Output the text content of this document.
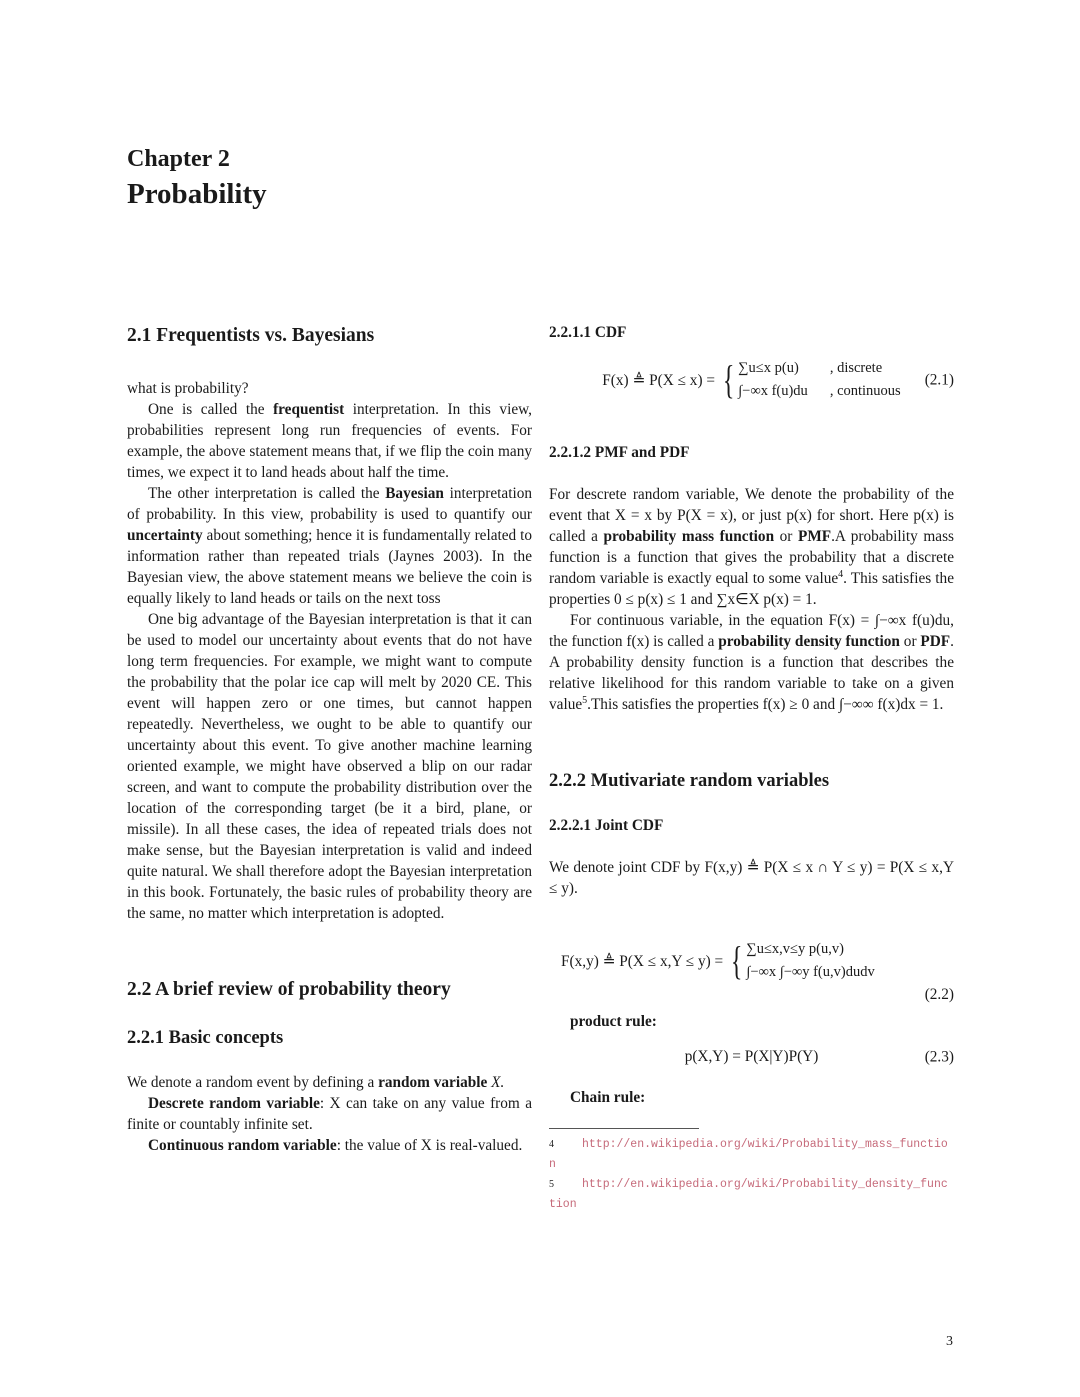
Chapter 2
Probability
2.1 Frequentists vs. Bayesians

what is probability?

One is called the frequentist interpretation. In this view, probabilities represent long run frequencies of events. For example, the above statement means that, if we flip the coin many times, we expect it to land heads about half the time.

The other interpretation is called the Bayesian interpretation of probability. In this view, probability is used to quantify our uncertainty about something; hence it is fundamentally related to information rather than repeated trials (Jaynes 2003). In the Bayesian view, the above statement means we believe the coin is equally likely to land heads or tails on the next toss

One big advantage of the Bayesian interpretation is that it can be used to model our uncertainty about events that do not have long term frequencies. For example, we might want to compute the probability that the polar ice cap will melt by 2020 CE. This event will happen zero or one times, but cannot happen repeatedly. Nevertheless, we ought to be able to quantify our uncertainty about this event. To give another machine learning oriented example, we might have observed a blip on our radar screen, and want to compute the probability distribution over the location of the corresponding target (be it a bird, plane, or missile). In all these cases, the idea of repeated trials does not make sense, but the Bayesian interpretation is valid and indeed quite natural. We shall therefore adopt the Bayesian interpretation in this book. Fortunately, the basic rules of probability theory are the same, no matter which interpretation is adopted.

2.2 A brief review of probability theory
2.2.1 Basic concepts

We denote a random event by defining a random variable X.

Descrete random variable: X can take on any value from a finite or countably infinite set.

Continuous random variable: the value of X is real-valued.

2.2.1.1 CDF
F(x) ≜ P(X ≤ x) = { ∑u≤x p(u)	, discrete
∫−∞x f(u)du , continuous
(2.1)
2.2.1.2 PMF and PDF

For descrete random variable, We denote the probability of the event that X = x by P(X = x), or just p(x) for short. Here p(x) is called a probability mass function or PMF.A probability mass function is a function that gives the probability that a discrete random variable is exactly equal to some value$^4$. This satisfies the properties 0 ≤ p(x) ≤ 1 and ∑x∈X p(x) = 1.

For continuous variable, in the equation F(x) = ∫−∞x f(u)du, the function f(x) is called a probability density function or PDF. A probability density function is a function that describes the relative likelihood for this random variable to take on a given value$^5$.This satisfies the properties f(x) ≥ 0 and ∫−∞∞ f(x)dx = 1.

2.2.2 Mutivariate random variables
2.2.2.1 Joint CDF

We denote joint CDF by F(x,y) ≜ P(X ≤ x ∩ Y ≤ y) = P(X ≤ x,Y ≤ y).

F(x,y) ≜ P(X ≤ x,Y ≤ y) = { ∑u≤x,v≤y p(u,v)
∫−∞x ∫−∞y f(u,v)dudv
(2.2)

product rule:

p(X,Y) = P(X|Y)P(Y)	(2.3)

Chain rule:

4 http://en.wikipedia.org/wiki/Probability_mass_function
5 http://en.wikipedia.org/wiki/Probability_density_function
3
